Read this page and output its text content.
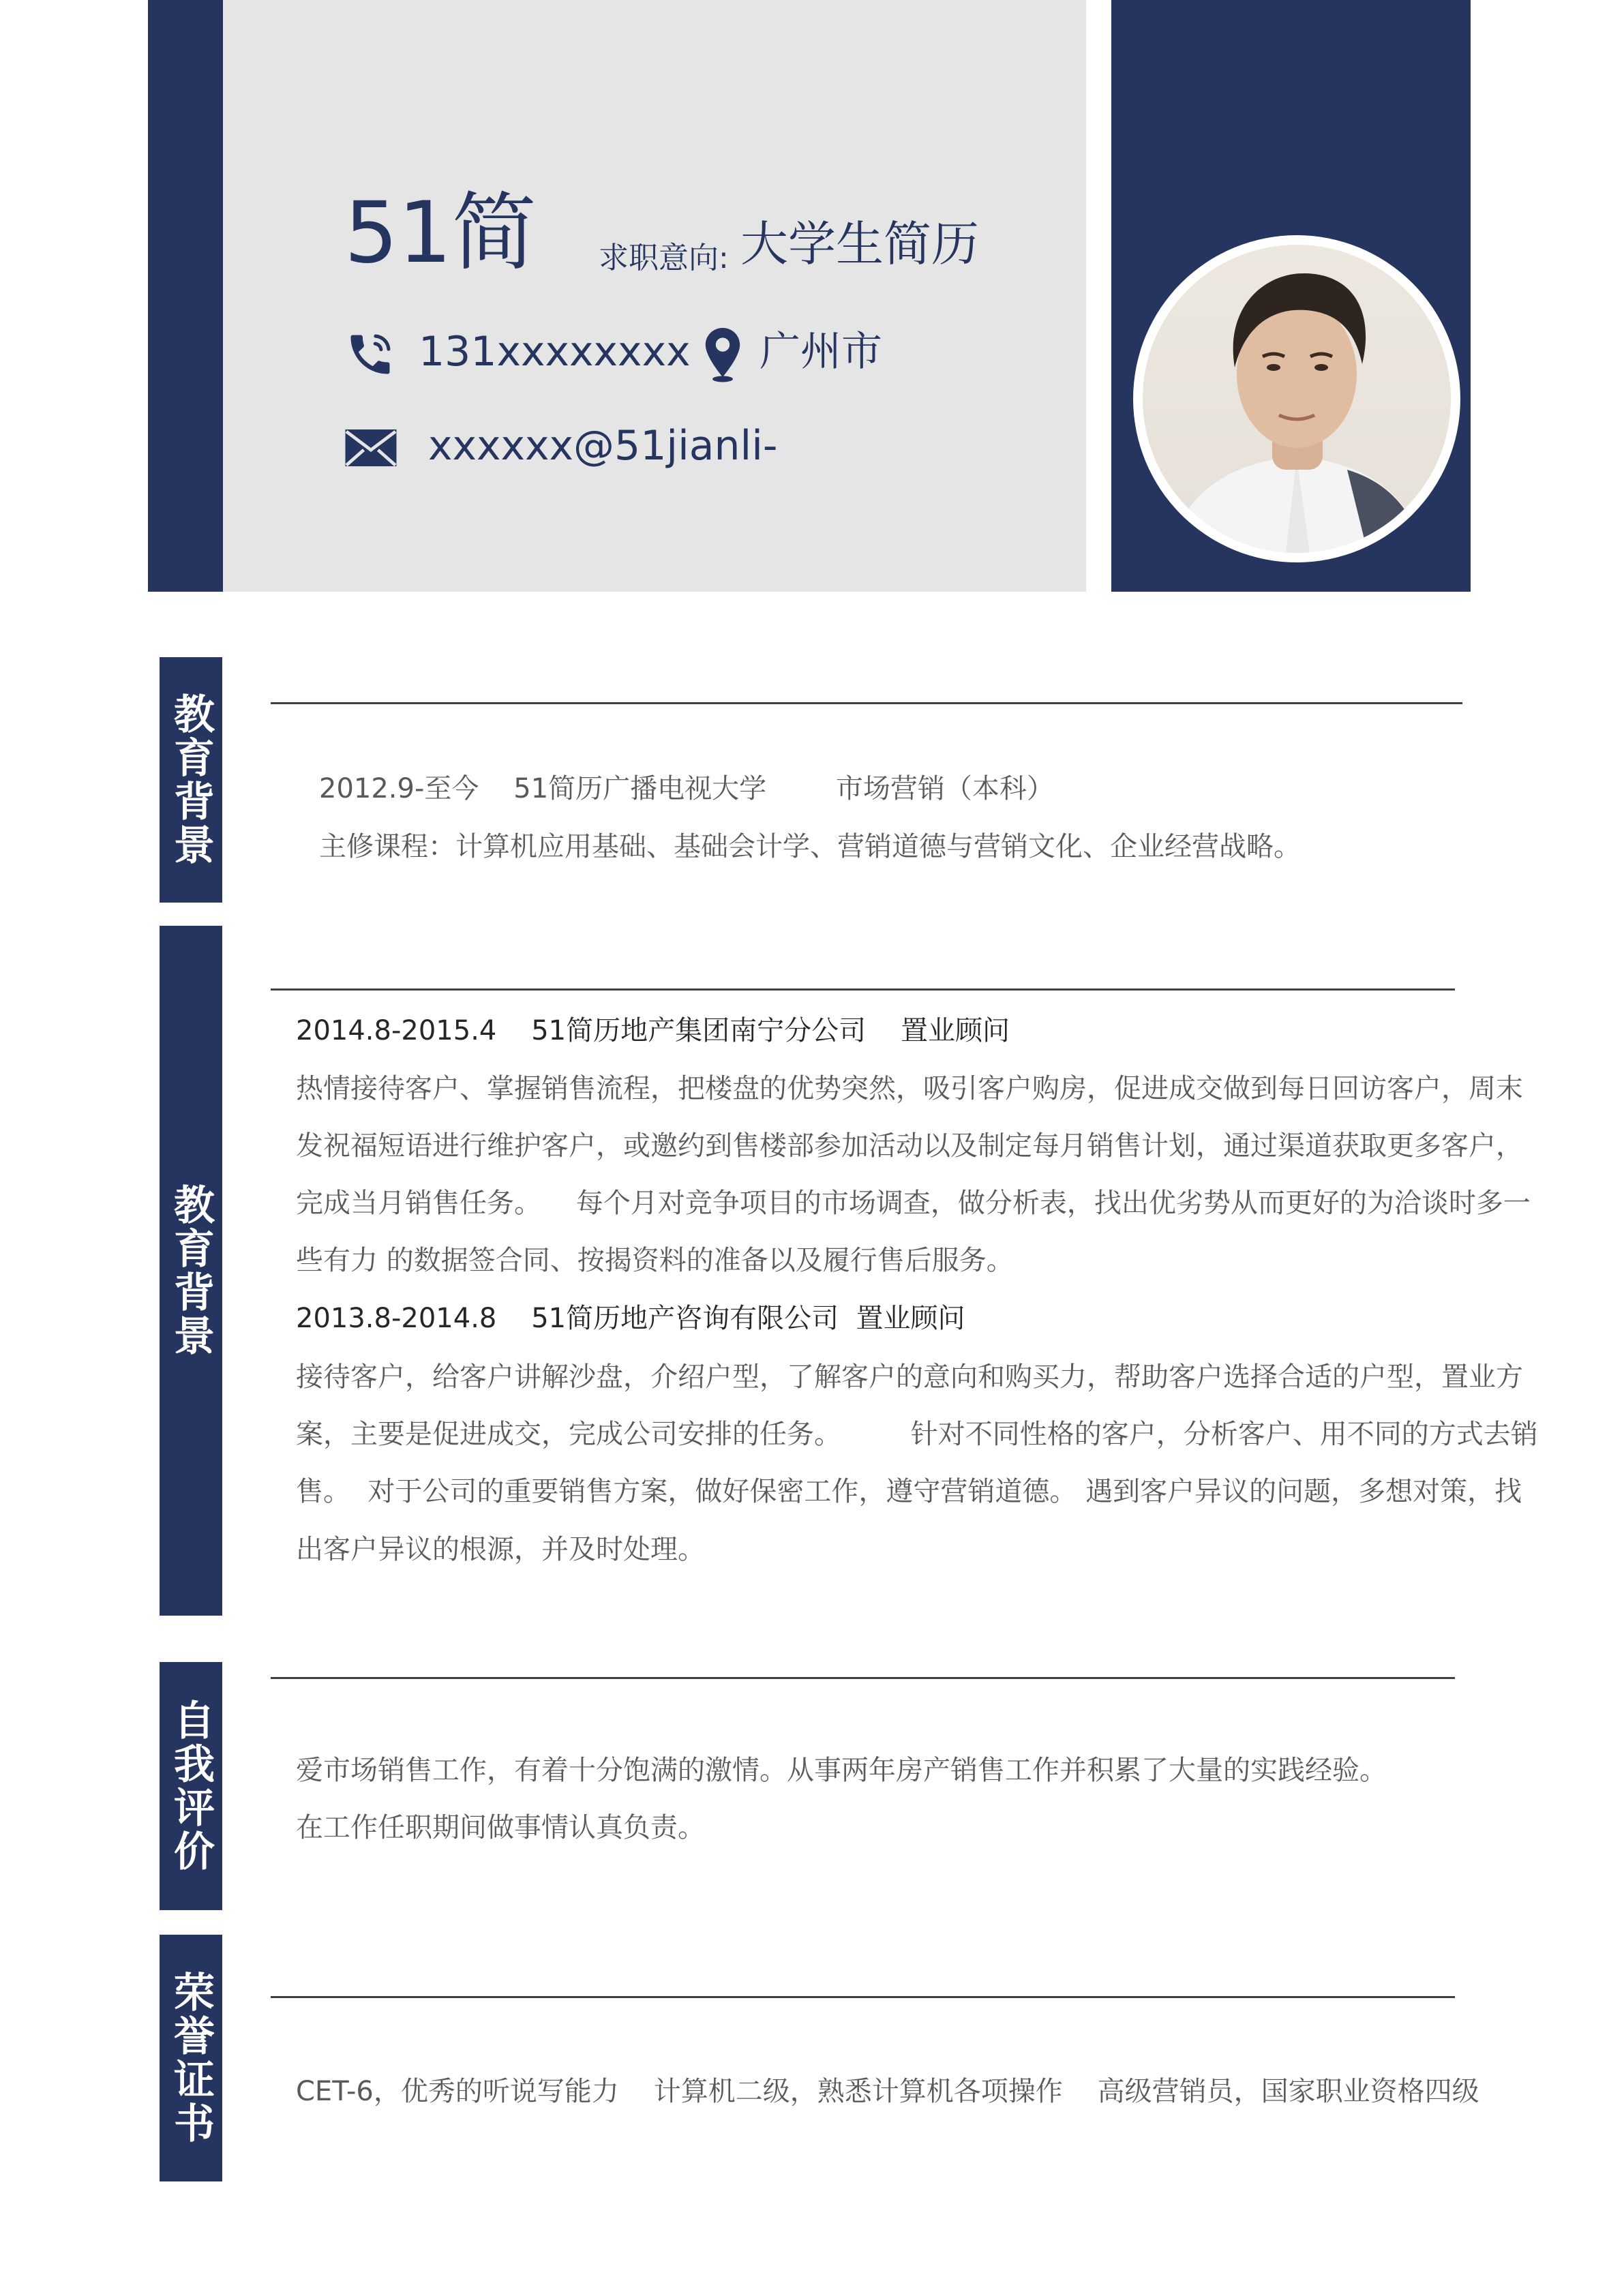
51简 求职意向: 大学生简历
131xxxxxxxx 广州市
xxxxxx@51jianli-
教育背景	2012.9-至今    51简历广播电视大学        市场营销（本科）
主修课程：计算机应用基础、基础会计学、营销道德与营销文化、企业经营战略。
教育背景
2014.8-2015.4    51简历地产集团南宁分公司    置业顾问
热情接待客户、掌握销售流程，把楼盘的优势突然，吸引客户购房，促进成交做到每日回访客户，周末
发祝福短语进行维护客户，或邀约到售楼部参加活动以及制定每月销售计划，通过渠道获取更多客户，
完成当月销售任务。    每个月对竞争项目的市场调查，做分析表，找出优劣势从而更好的为洽谈时多一
些有力 的数据签合同、按揭资料的准备以及履行售后服务。
2013.8-2014.8    51简历地产咨询有限公司  置业顾问
接待客户，给客户讲解沙盘，介绍户型，了解客户的意向和购买力，帮助客户选择合适的户型，置业方
案，主要是促进成交，完成公司安排的任务。        针对不同性格的客户，分析客户、用不同的方式去销
售。  对于公司的重要销售方案，做好保密工作，遵守营销道德。 遇到客户异议的问题，多想对策，找
出客户异议的根源，并及时处理。
自我评价	爱市场销售工作，有着十分饱满的激情。从事两年房产销售工作并积累了大量的实践经验。
在工作任职期间做事情认真负责。
荣誉证书	CET-6，优秀的听说写能力    计算机二级，熟悉计算机各项操作    高级营销员，国家职业资格四级
